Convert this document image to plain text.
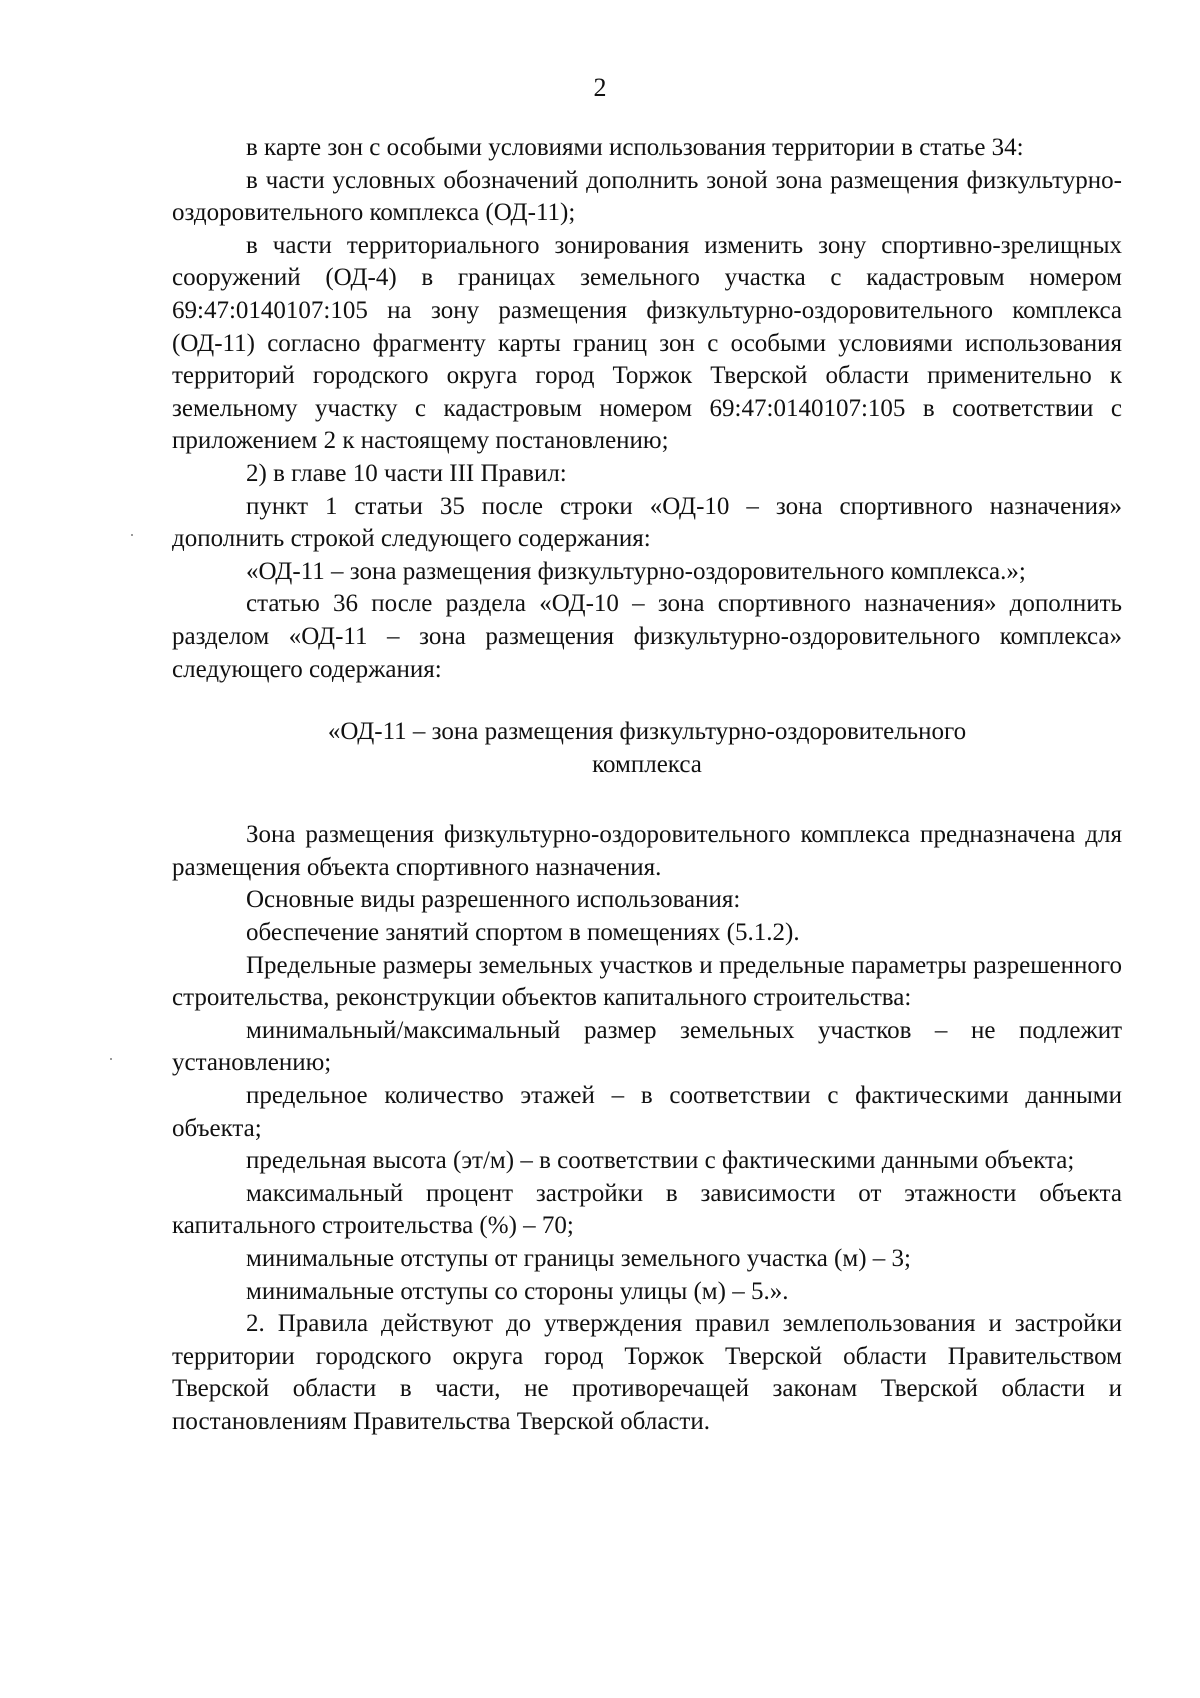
2

в карте зон с особыми условиями использования территории в статье 34:

в части условных обозначений дополнить зоной зона размещения физкультурно-оздоровительного комплекса (ОД-11);

в части территориального зонирования изменить зону спортивно-зрелищных сооружений (ОД-4) в границах земельного участка с кадастровым номером 69:47:0140107:105 на зону размещения физкультурно-оздоровительного комплекса (ОД-11) согласно фрагменту карты границ зон с особыми условиями использования территорий городского округа город Торжок Тверской области применительно к земельному участку с кадастровым номером 69:47:0140107:105 в соответствии с приложением 2 к настоящему постановлению;

2) в главе 10 части III Правил:

пункт 1 статьи 35 после строки «ОД-10 – зона спортивного назначения» дополнить строкой следующего содержания:

«ОД-11 – зона размещения физкультурно-оздоровительного комплекса.»;

статью 36 после раздела «ОД-10 – зона спортивного назначения» дополнить разделом «ОД-11 – зона размещения физкультурно-оздоровительного комплекса» следующего содержания:

«ОД-11 – зона размещения физкультурно-оздоровительного

комплекса

Зона размещения физкультурно-оздоровительного комплекса предназначена для размещения объекта спортивного назначения.

Основные виды разрешенного использования:

обеспечение занятий спортом в помещениях (5.1.2).

Предельные размеры земельных участков и предельные параметры разрешенного строительства, реконструкции объектов капитального строительства:

минимальный/максимальный размер земельных участков – не подлежит установлению;

предельное количество этажей – в соответствии с фактическими данными объекта;

предельная высота (эт/м) – в соответствии с фактическими данными объекта;

максимальный процент застройки в зависимости от этажности объекта капитального строительства (%) – 70;

минимальные отступы от границы земельного участка (м) – 3;

минимальные отступы со стороны улицы (м) – 5.».

2. Правила действуют до утверждения правил землепользования и застройки территории городского округа город Торжок Тверской области Правительством Тверской области в части, не противоречащей законам Тверской области и постановлениям Правительства Тверской области.
